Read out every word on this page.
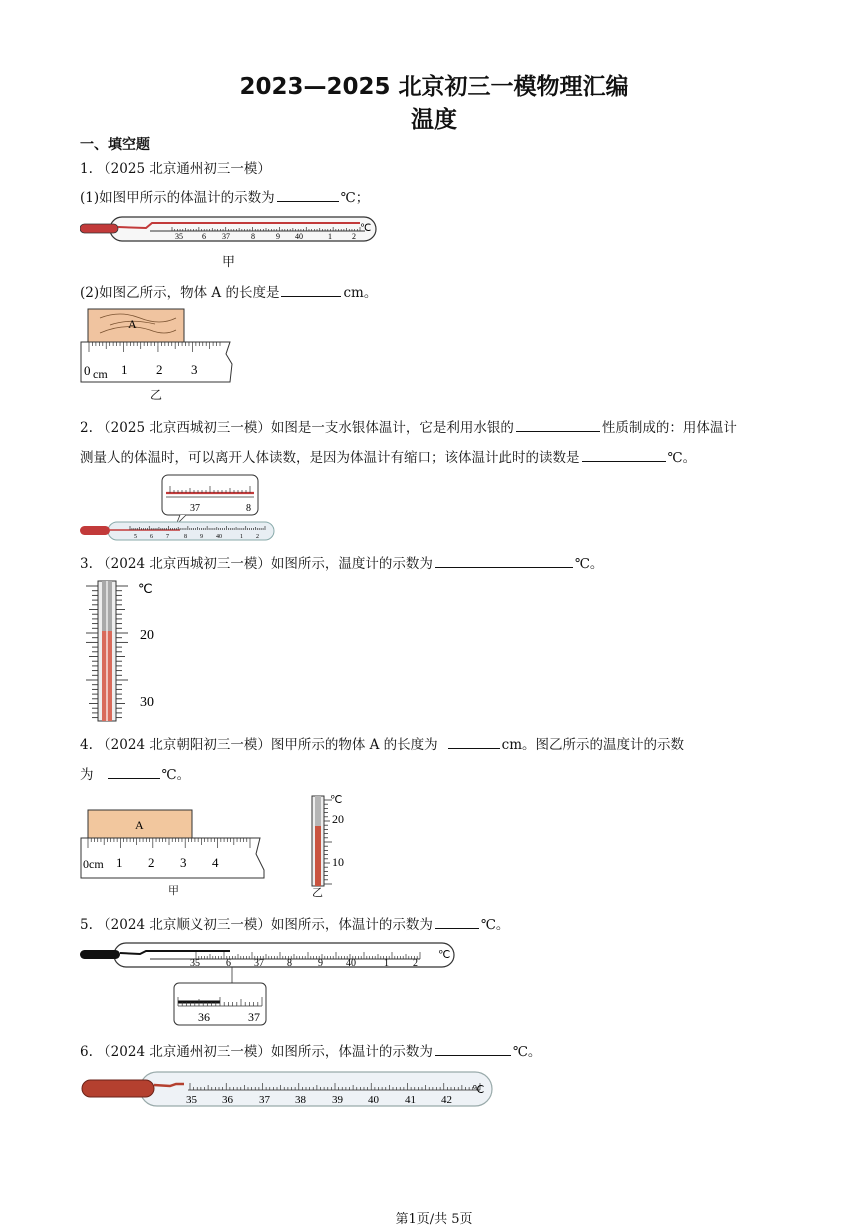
2023—2025 北京初三一模物理汇编
温度
一、填空题
1. （2025 北京通州初三一模）
(1)如图甲所示的体温计的示数为	℃；
35 6 37	8	9 40	1	2
℃
甲
(2)如图乙所示，物体 A 的长度是	cm。
A
0 cm 1 2 3
乙
2. （2025 北京西城初三一模）如图是一支水银体温计，它是利用水银的	性质制成的：用体温计
测量人的体温时，可以离开人体读数，是因为体温计有缩口；该体温计此时的读数是	℃。
37	8
5 6 7	8 9 40	1 2
3. （2024 北京西城初三一模）如图所示，温度计的示数为	℃。
℃
20
30
4. （2024 北京朝阳初三一模）图甲所示的物体 A 的长度为	cm。图乙所示的温度计的示数
为	℃。
A
0cm 1 2 3 4
甲
℃
20
10
乙
5. （2024 北京顺义初三一模）如图所示，体温计的示数为	℃。
35	6 37 8	9 40	1 2
℃
36	37
6. （2024 北京通州初三一模）如图所示，体温计的示数为	℃。
35 36 37 38 39 40 41 42
℃
第1页/共 5页
